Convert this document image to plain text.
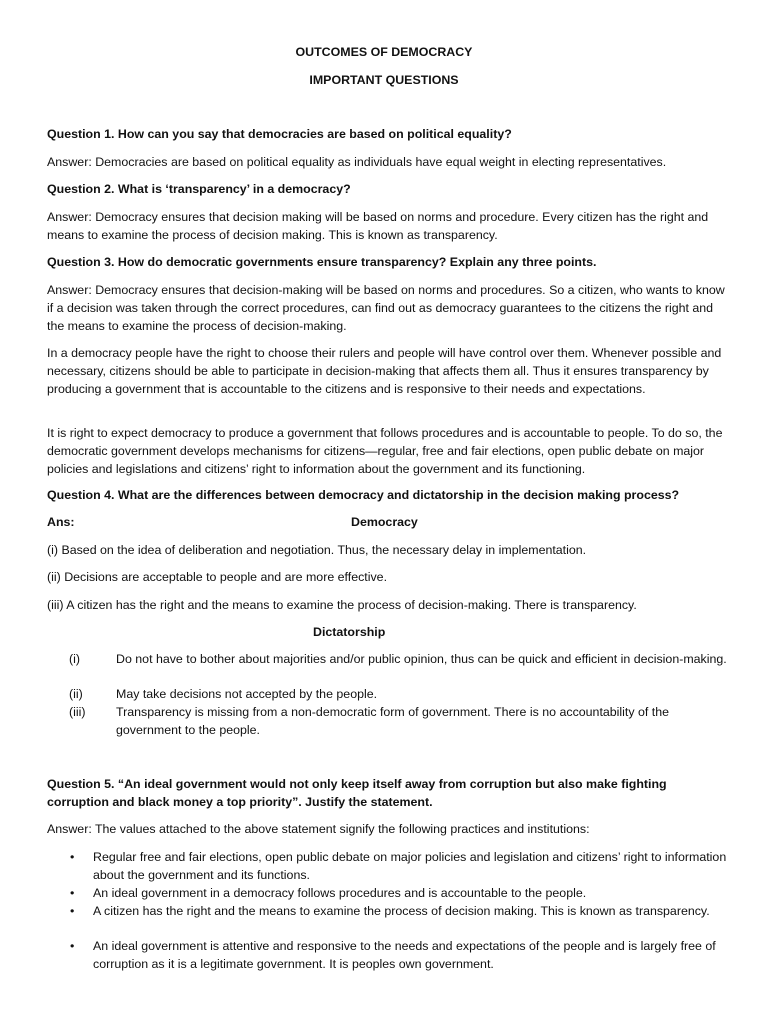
OUTCOMES OF DEMOCRACY

IMPORTANT QUESTIONS

Question 1. How can you say that democracies are based on political equality?

Answer: Democracies are based on political equality as individuals have equal weight in electing representatives.

Question 2. What is ‘transparency’ in a democracy?

Answer: Democracy ensures that decision making will be based on norms and procedure. Every citizen has the right and means to examine the process of decision making. This is known as transparency.

Question 3. How do democratic governments ensure transparency? Explain any three points.

Answer: Democracy ensures that decision-making will be based on norms and procedures. So a citizen, who wants to know if a decision was taken through the correct procedures, can find out as democracy guarantees to the citizens the right and the means to examine the process of decision-making.

In a democracy people have the right to choose their rulers and people will have control over them. Whenever possible and necessary, citizens should be able to participate in decision-making that affects them all. Thus it ensures transparency by producing a government that is accountable to the citizens and is responsive to their needs and expectations.

It is right to expect democracy to produce a government that follows procedures and is accountable to people. To do so, the democratic government develops mechanisms for citizens—regular, free and fair elections, open public debate on major policies and legislations and citizens’ right to information about the government and its functioning.

Question 4. What are the differences between democracy and dictatorship in the decision making process?

Ans:	Democracy

(i) Based on the idea of deliberation and negotiation. Thus, the necessary delay in implementation.

(ii) Decisions are acceptable to people and are more effective.

(iii) A citizen has the right and the means to examine the process of decision-making. There is transparency.

Dictatorship

(i)	Do not have to bother about majorities and/or public opinion, thus can be quick and efficient in decision-making.
(ii)	May take decisions not accepted by the people.
(iii)	Transparency is missing from a non-democratic form of government. There is no accountability of the government to the people.

Question 5. “An ideal government would not only keep itself away from corruption but also make fighting corruption and black money a top priority”. Justify the statement.

Answer: The values attached to the above statement signify the following practices and institutions:

•	Regular free and fair elections, open public debate on major policies and legislation and citizens’ right to information about the government and its functions.
•	An ideal government in a democracy follows procedures and is accountable to the people.
•	A citizen has the right and the means to examine the process of decision making. This is known as transparency.
•	An ideal government is attentive and responsive to the needs and expectations of the people and is largely free of corruption as it is a legitimate government. It is peoples own government.
